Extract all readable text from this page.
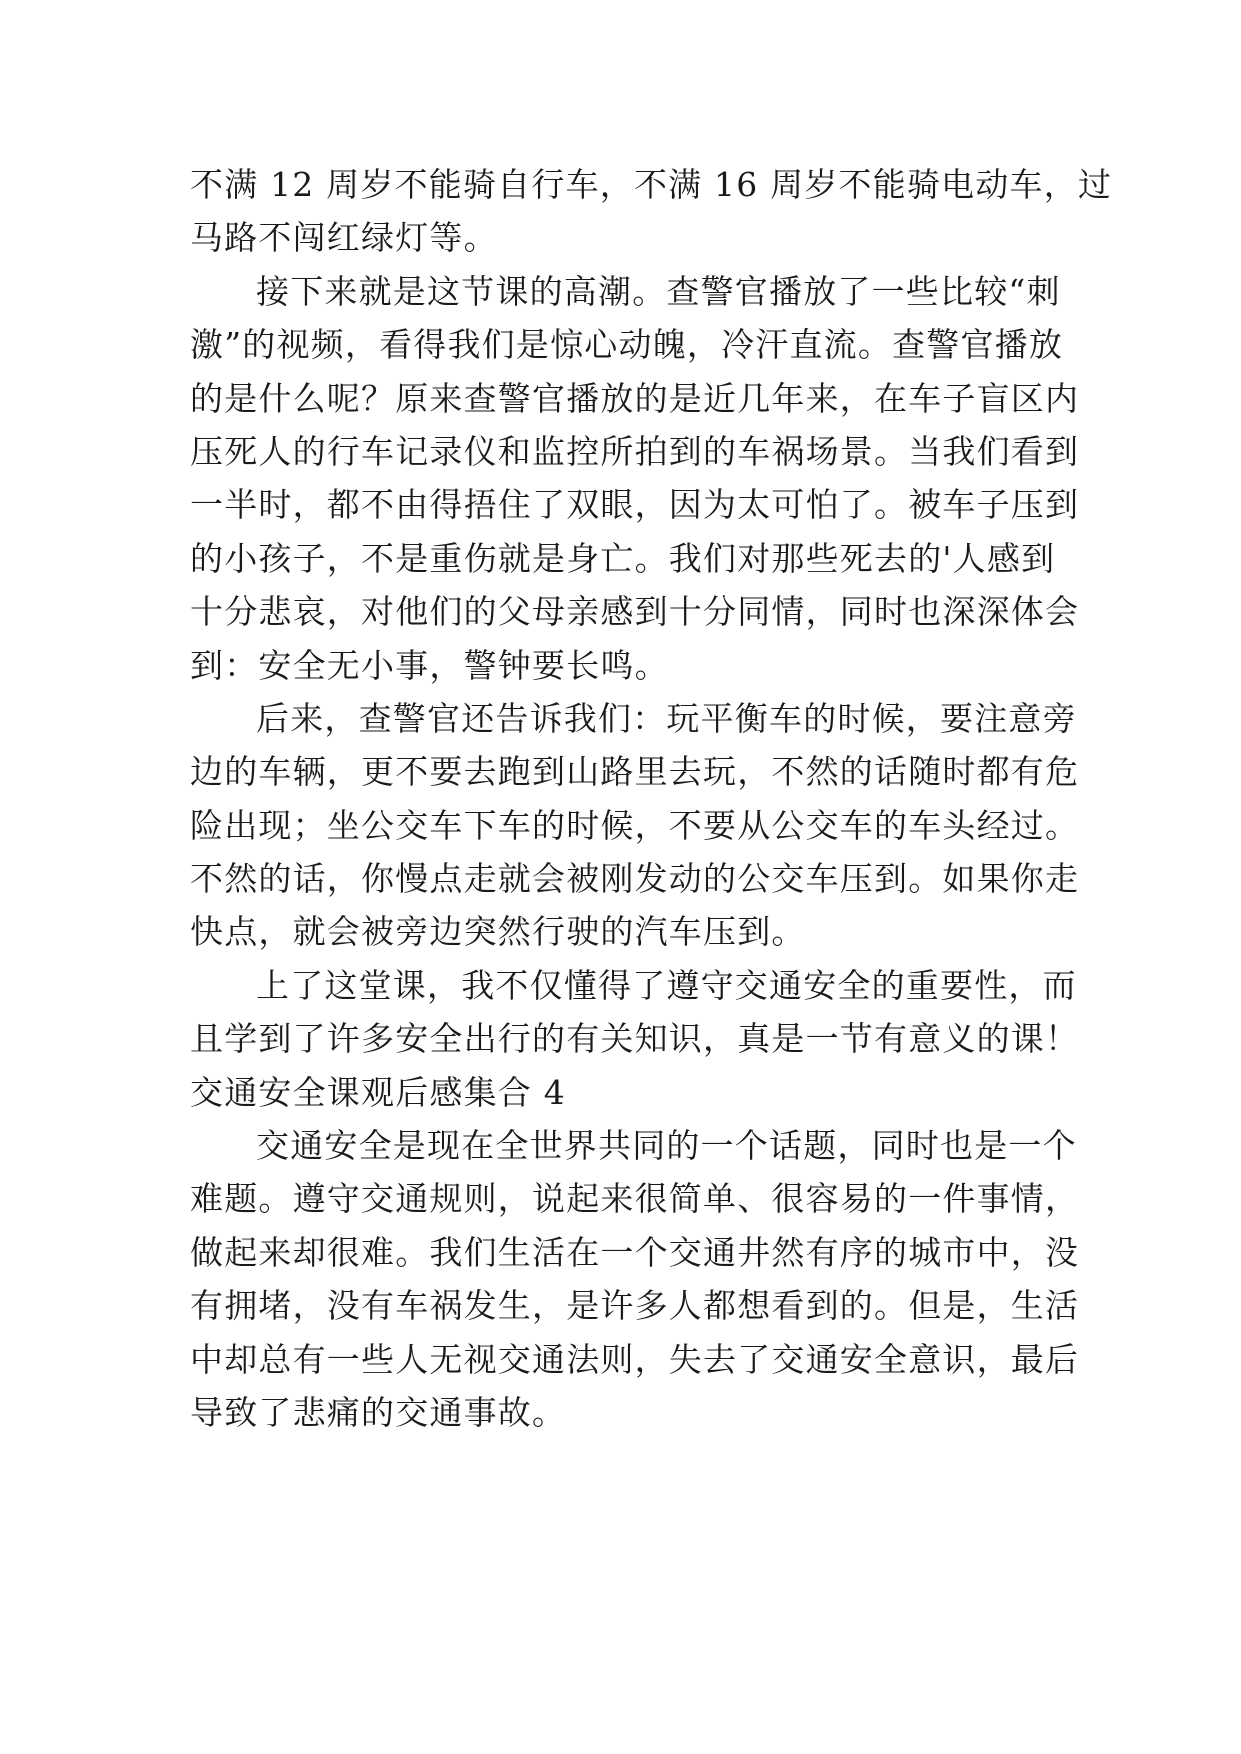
不满 12 周岁不能骑自行车，不满 16 周岁不能骑电动车，过
马路不闯红绿灯等。
接下来就是这节课的高潮。查警官播放了一些比较“刺
激”的视频，看得我们是惊心动魄，冷汗直流。查警官播放
的是什么呢？原来查警官播放的是近几年来，在车子盲区内
压死人的行车记录仪和监控所拍到的车祸场景。当我们看到
一半时，都不由得捂住了双眼，因为太可怕了。被车子压到
的小孩子，不是重伤就是身亡。我们对那些死去的'人感到
十分悲哀，对他们的父母亲感到十分同情，同时也深深体会
到：安全无小事，警钟要长鸣。
后来，查警官还告诉我们：玩平衡车的时候，要注意旁
边的车辆，更不要去跑到山路里去玩，不然的话随时都有危
险出现；坐公交车下车的时候，不要从公交车的车头经过。
不然的话，你慢点走就会被刚发动的公交车压到。如果你走
快点，就会被旁边突然行驶的汽车压到。
上了这堂课，我不仅懂得了遵守交通安全的重要性，而
且学到了许多安全出行的有关知识，真是一节有意义的课！
交通安全课观后感集合 4
交通安全是现在全世界共同的一个话题，同时也是一个
难题。遵守交通规则，说起来很简单、很容易的一件事情，
做起来却很难。我们生活在一个交通井然有序的城市中，没
有拥堵，没有车祸发生，是许多人都想看到的。但是，生活
中却总有一些人无视交通法则，失去了交通安全意识，最后
导致了悲痛的交通事故。
